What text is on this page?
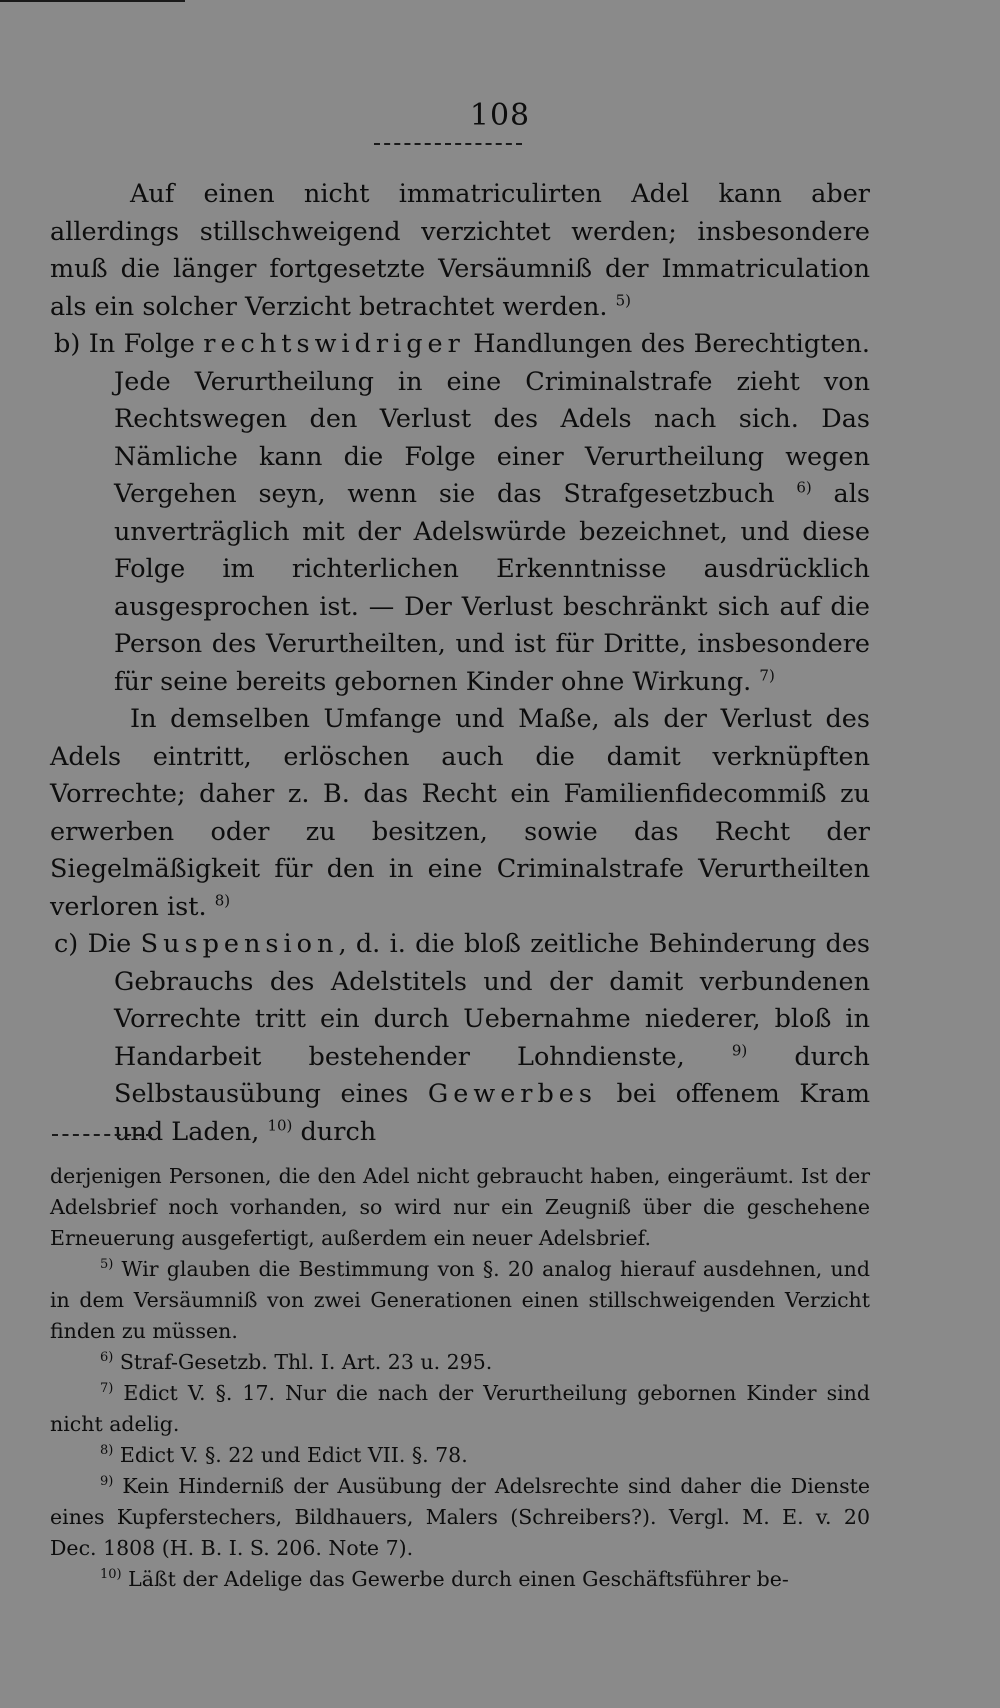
108

Auf einen nicht immatriculirten Adel kann aber allerdings stillschweigend verzichtet werden; insbesondere muß die länger fortgesetzte Versäumniß der Immatriculation als ein solcher Verzicht betrachtet werden. $^{5)}$

b) In Folge rechtswidriger Handlungen des Berechtigten. Jede Verurtheilung in eine Criminalstrafe zieht von Rechtswegen den Verlust des Adels nach sich. Das Nämliche kann die Folge einer Verurtheilung wegen Vergehen seyn, wenn sie das Strafgesetzbuch $^{6)}$ als unverträglich mit der Adelswürde bezeichnet, und diese Folge im richterlichen Erkenntnisse ausdrücklich ausgesprochen ist. — Der Verlust beschränkt sich auf die Person des Verurtheilten, und ist für Dritte, insbesondere für seine bereits gebornen Kinder ohne Wirkung. $^{7)}$

In demselben Umfange und Maße, als der Verlust des Adels eintritt, erlöschen auch die damit verknüpften Vorrechte; daher z. B. das Recht ein Familienfidecommiß zu erwerben oder zu besitzen, sowie das Recht der Siegelmäßigkeit für den in eine Criminalstrafe Verurtheilten verloren ist. $^{8)}$

c) Die Suspension, d. i. die bloß zeitliche Behinderung des Gebrauchs des Adelstitels und der damit verbundenen Vorrechte tritt ein durch Uebernahme niederer, bloß in Handarbeit bestehender Lohndienste,	$^{9)}$ durch Selbstausübung eines Gewerbes bei offenem Kram und Laden, $^{10)}$ durch

derjenigen Personen, die den Adel nicht gebraucht haben, eingeräumt. Ist der Adelsbrief noch vorhanden, so wird nur ein Zeugniß über die geschehene Erneuerung ausgefertigt, außerdem ein neuer Adelsbrief.

$^{5)}$ Wir glauben die Bestimmung von §. 20 analog hierauf ausdehnen, und in dem Versäumniß von zwei Generationen einen stillschweigenden Verzicht finden zu müssen.

$^{6)}$ Straf-Gesetzb. Thl. I. Art. 23 u. 295.

$^{7)}$ Edict V. §. 17. Nur die nach der Verurtheilung gebornen Kinder sind nicht adelig.

$^{8)}$ Edict V. §. 22 und Edict VII. §. 78.

$^{9)}$ Kein Hinderniß der Ausübung der Adelsrechte sind daher die Dienste eines Kupferstechers, Bildhauers, Malers (Schreibers?). Vergl. M. E. v. 20 Dec. 1808 (H. B. I. S. 206. Note 7).

$^{10)}$ Läßt der Adelige das Gewerbe durch einen Geschäftsführer be-
